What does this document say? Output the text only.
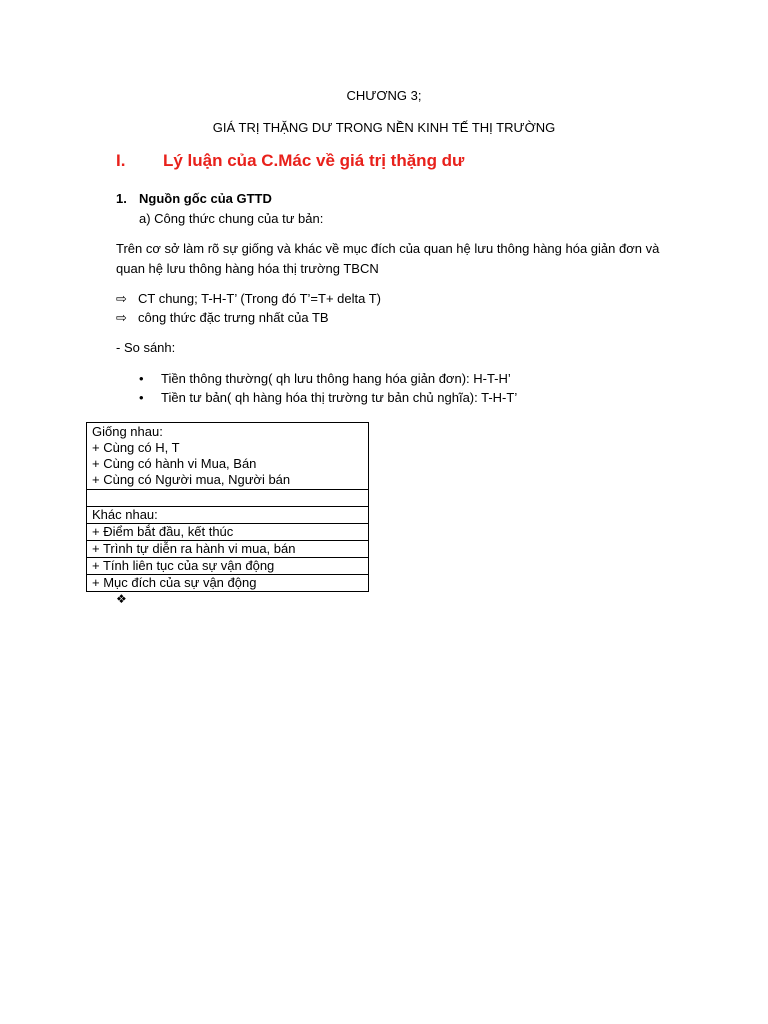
CHƯƠNG 3;
GIÁ TRỊ THẶNG DƯ TRONG NỀN KINH TẾ THỊ TRƯỜNG
I. Lý luận của C.Mác về giá trị thặng dư
1. Nguồn gốc của GTTD
a) Công thức chung của tư bản:
Trên cơ sở làm rõ sự giống và khác về mục đích của quan hệ lưu thông hàng hóa giản đơn và
quan hệ lưu thông hàng hóa thị trường TBCN
⇨ CT chung; T-H-T’ (Trong đó T’=T+ delta T)
⇨ công thức đặc trưng nhất của TB
- So sánh:
• Tiền thông thường( qh lưu thông hang hóa giản đơn): H-T-H’
• Tiền tư bản( qh hàng hóa thị trường tư bản chủ nghĩa): T-H-T’
Giống nhau:
+ Cùng có H, T
+ Cùng có hành vi Mua, Bán
+ Cùng có Người mua, Người bán

Khác nhau:
+ Điểm bắt đầu, kết thúc
+ Trình tự diễn ra hành vi mua, bán
+ Tính liên tục của sự vận động
+ Mục đích của sự vận động
❖
